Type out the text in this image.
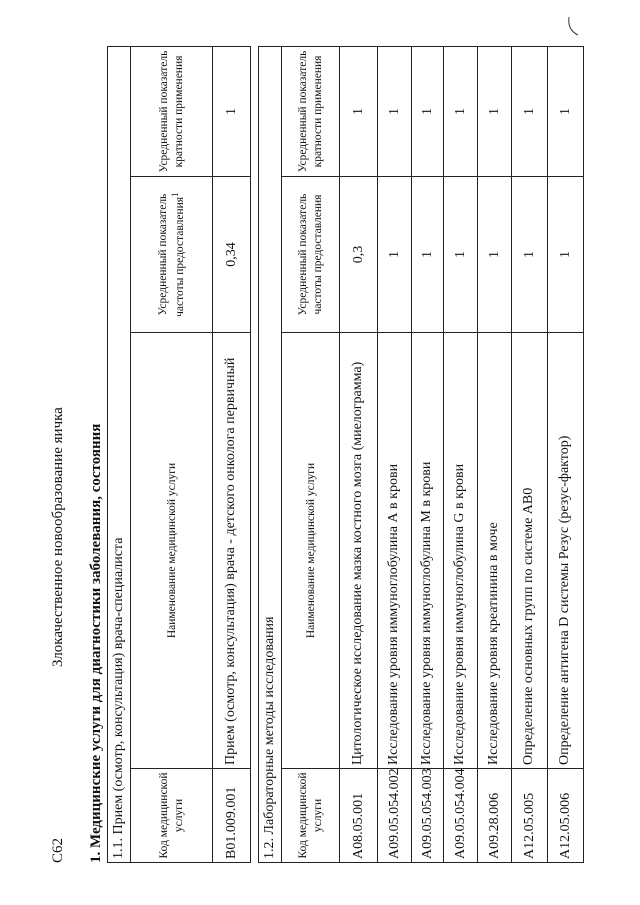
C62
Злокачественное новообразование яичка 1. Медицинские услуги для диагностики заболевания, состояния 1.1. Прием (осмотр, консультация) врача-специалиста			
Код медицинской услуги	Наименование медицинской услуги	Усредненный показатель частоты предоставления$^1$	Усредненный показатель кратности применения
B01.009.001	Прием (осмотр, консультация) врача - детского онколога первичный	0,34	1
1.2. Лабораторные методы исследования			
Код медицинской услуги	Наименование медицинской услуги	Усредненный показатель частоты предоставления	Усредненный показатель кратности применения
A08.05.001	Цитологическое исследование мазка костного мозга (миелограмма)	0,3	1
A09.05.054.002	Исследование уровня иммуноглобулина А в крови	1	1
A09.05.054.003	Исследование уровня иммуноглобулина M в крови	1	1
A09.05.054.004	Исследование уровня иммуноглобулина G в крови	1	1
A09.28.006	Исследование уровня креатинина в моче	1	1
A12.05.005	Определение основных групп по системе AB0	1	1
A12.05.006	Определение антигена D системы Резус (резус-фактор)	1	1
